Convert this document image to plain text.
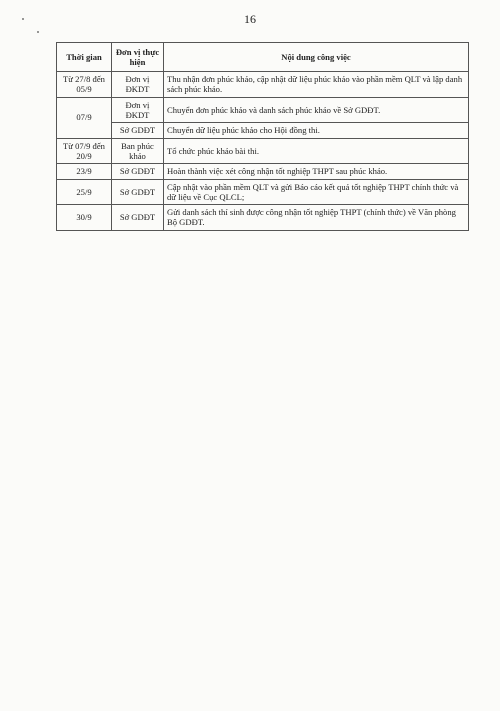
16
Thời gian	Đơn vị thực hiện	Nội dung công việc
Từ 27/8 đến 05/9	Đơn vị ĐKDT	Thu nhận đơn phúc khảo, cập nhật dữ liệu phúc khảo vào phần mềm QLT và lập danh sách phúc khảo.
07/9	Đơn vị ĐKDT	Chuyển đơn phúc khảo và danh sách phúc khảo về Sở GDĐT.
	Sở GDĐT	Chuyển dữ liệu phúc khảo cho Hội đồng thi.
Từ 07/9 đến 20/9	Ban phúc khảo	Tổ chức phúc khảo bài thi.
23/9	Sở GDĐT	Hoàn thành việc xét công nhận tốt nghiệp THPT sau phúc khảo.
25/9	Sở GDĐT	Cập nhật vào phần mềm QLT và gửi Báo cáo kết quả tốt nghiệp THPT chính thức và dữ liệu về Cục QLCL;
30/9	Sở GDĐT	Gửi danh sách thí sinh được công nhận tốt nghiệp THPT (chính thức) về Văn phòng Bộ GDĐT.
